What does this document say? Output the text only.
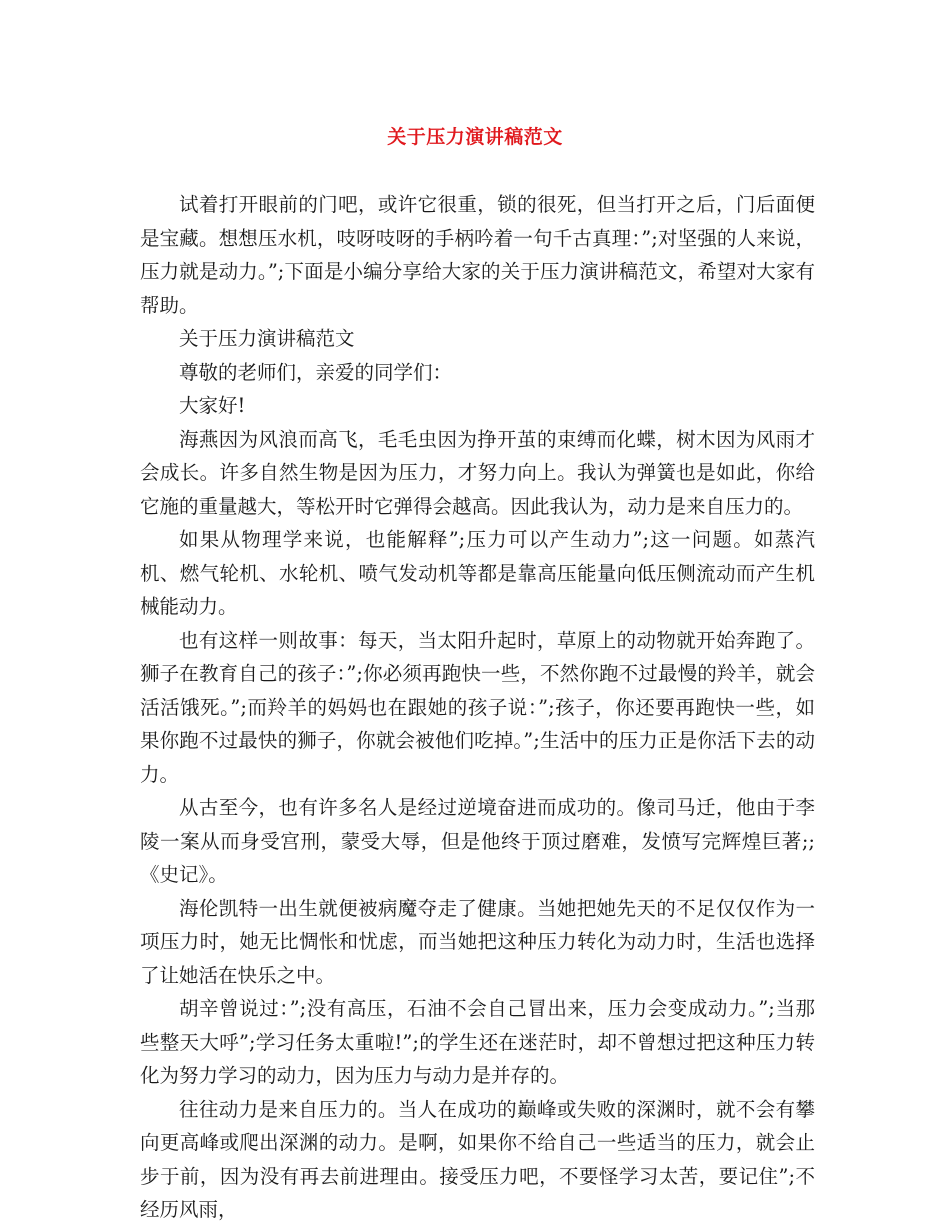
关于压力演讲稿范文

试着打开眼前的门吧，或许它很重，锁的很死，但当打开之后，门后面便是宝藏。想想压水机，吱呀吱呀的手柄吟着一句千古真理：”;对坚强的人来说，压力就是动力。”;下面是小编分享给大家的关于压力演讲稿范文，希望对大家有帮助。

关于压力演讲稿范文

尊敬的老师们，亲爱的同学们：

大家好!

海燕因为风浪而高飞，毛毛虫因为挣开茧的束缚而化蝶，树木因为风雨才会成长。许多自然生物是因为压力，才努力向上。我认为弹簧也是如此，你给它施的重量越大，等松开时它弹得会越高。因此我认为，动力是来自压力的。

如果从物理学来说，也能解释”;压力可以产生动力”;这一问题。如蒸汽机、燃气轮机、水轮机、喷气发动机等都是靠高压能量向低压侧流动而产生机械能动力。

也有这样一则故事：每天，当太阳升起时，草原上的动物就开始奔跑了。狮子在教育自己的孩子：”;你必须再跑快一些，不然你跑不过最慢的羚羊，就会活活饿死。”;而羚羊的妈妈也在跟她的孩子说：”;孩子，你还要再跑快一些，如果你跑不过最快的狮子，你就会被他们吃掉。”;生活中的压力正是你活下去的动力。

从古至今，也有许多名人是经过逆境奋进而成功的。像司马迁，他由于李陵一案从而身受宫刑，蒙受大辱，但是他终于顶过磨难，发愤写完辉煌巨著;;《史记》。

海伦凯特一出生就便被病魔夺走了健康。当她把她先天的不足仅仅作为一项压力时，她无比惆怅和忧虑，而当她把这种压力转化为动力时，生活也选择了让她活在快乐之中。

胡辛曾说过：”;没有高压，石油不会自己冒出来，压力会变成动力。”;当那些整天大呼”;学习任务太重啦!”;的学生还在迷茫时，却不曾想过把这种压力转化为努力学习的动力，因为压力与动力是并存的。

往往动力是来自压力的。当人在成功的巅峰或失败的深渊时，就不会有攀向更高峰或爬出深渊的动力。是啊，如果你不给自己一些适当的压力，就会止步于前，因为没有再去前进理由。接受压力吧，不要怪学习太苦，要记住”;不经历风雨，
